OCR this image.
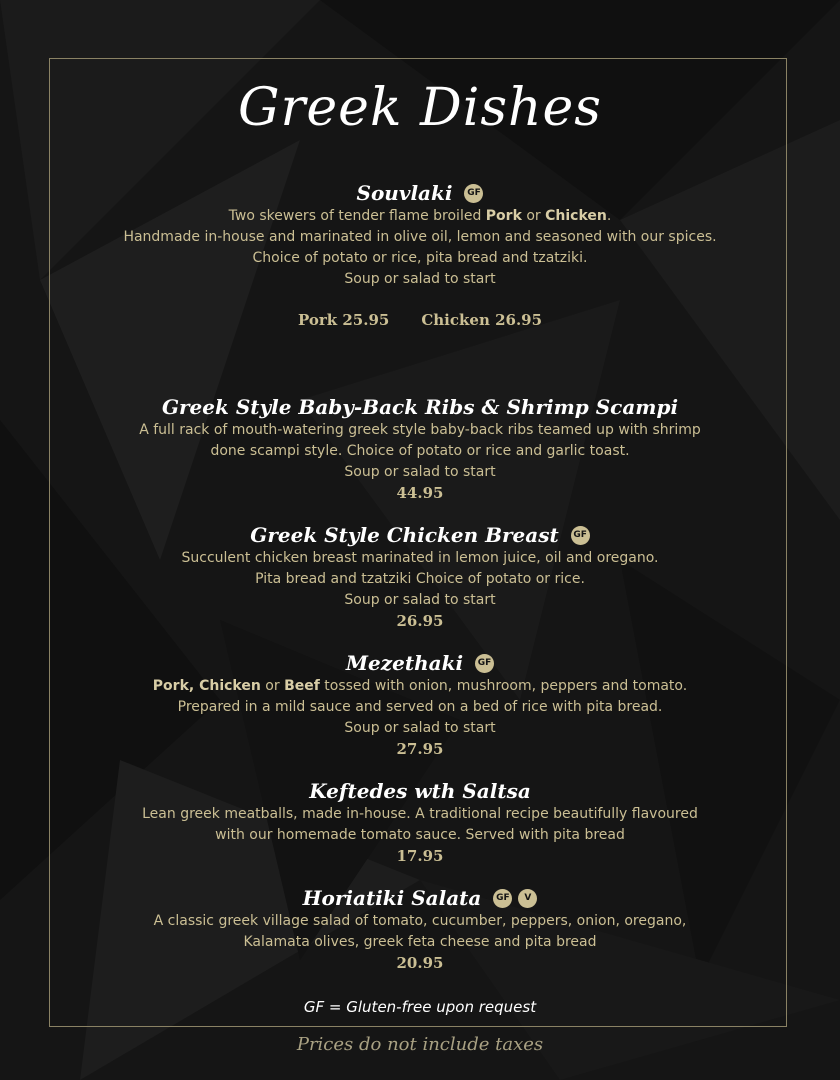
Greek Dishes
Souvlaki	GF

Two skewers of tender flame broiled Pork or Chicken.

Handmade in-house and marinated in olive oil, lemon and seasoned with our spices.

Choice of potato or rice, pita bread and tzatziki.

Soup or salad to start

Pork 25.95 Chicken 26.95
Greek Style Baby-Back Ribs & Shrimp Scampi

A full rack of mouth-watering greek style baby-back ribs teamed up with shrimp

done scampi style. Choice of potato or rice and garlic toast.

Soup or salad to start

44.95

Greek Style Chicken Breast	GF

Succulent chicken breast marinated in lemon juice, oil and oregano.

Pita bread and tzatziki Choice of potato or rice.

Soup or salad to start

26.95

Mezethaki	GF

Pork, Chicken or Beef tossed with onion, mushroom, peppers and tomato.

Prepared in a mild sauce and served on a bed of rice with pita bread.

Soup or salad to start

27.95

Keftedes wth Saltsa

Lean greek meatballs, made in-house. A traditional recipe beautifully flavoured

with our homemade tomato sauce. Served with pita bread

17.95

Horiatiki Salata	GF	V

A classic greek village salad of tomato, cucumber, peppers, onion, oregano,

Kalamata olives, greek feta cheese and pita bread

20.95

GF = Gluten-free upon request
Prices do not include taxes
